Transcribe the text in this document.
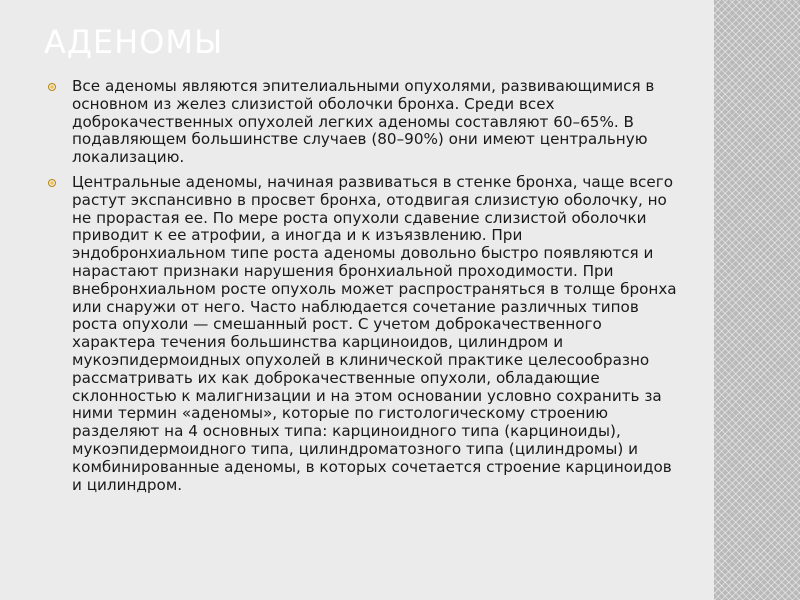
АДЕНОМЫ
Все аденомы являются эпителиальными опухолями, развивающимися в основном из желез слизистой оболочки бронха. Среди всех доброкачественных опухолей легких аденомы составляют 60–65%. В подавляющем большинстве случаев (80–90%) они имеют центральную локализацию.
Центральные аденомы, начиная развиваться в стенке бронха, чаще всего растут экспансивно в просвет бронха, отодвигая слизистую оболочку, но не прорастая ее. По мере роста опухоли сдавение слизистой оболочки приводит к ее атрофии, а иногда и к изъязвлению. При эндобронхиальном типе роста аденомы довольно быстро появляются и нарастают признаки нарушения бронхиальной проходимости. При внебронхиальном росте опухоль может распространяться в толще бронха или снаружи от него. Часто наблюдается сочетание различных типов роста опухоли — смешанный рост. С учетом доброкачественного характера течения большинства карциноидов, цилиндром и мукоэпидермоидных опухолей в клинической практике целесообразно рассматривать их как доброкачественные опухоли, обладающие склонностью к малигнизации и на этом основании условно сохранить за ними термин «аденомы», которые по гистологическому строению разделяют на 4 основных типа: карциноидного типа (карциноиды), мукоэпидермоидного типа, цилиндроматозного типа (цилиндромы) и комбинированные аденомы, в которых сочетается строение карциноидов и цилиндром.
